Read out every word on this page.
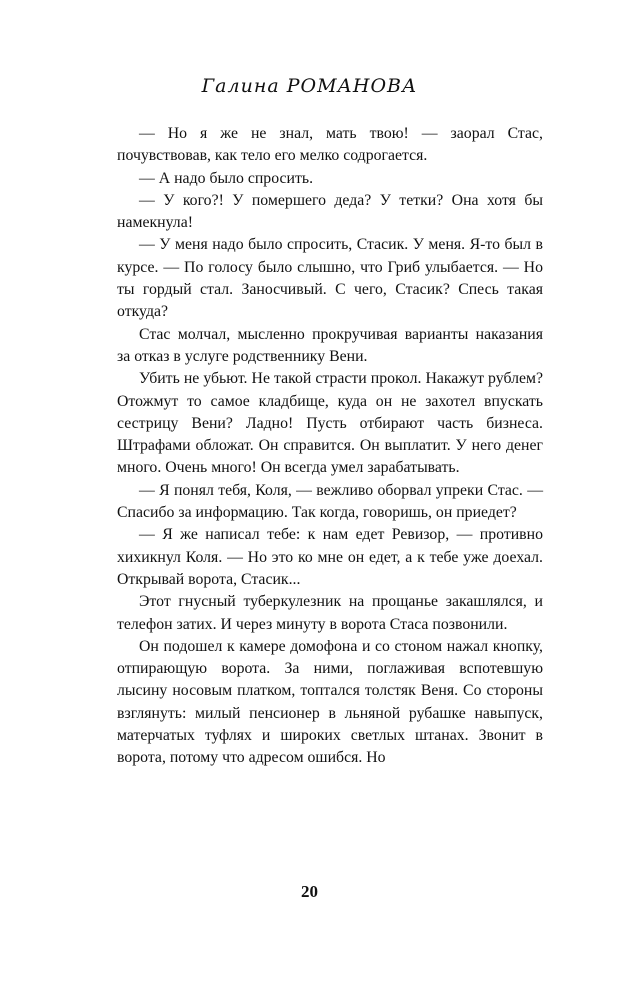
Галина РОМАНОВА

— Но я же не знал, мать твою! — заорал Стас, почувствовав, как тело его мелко содрогается.

— А надо было спросить.

— У кого?! У помершего деда? У тетки? Она хотя бы намекнула!

— У меня надо было спросить, Стасик. У меня. Я-то был в курсе. — По голосу было слышно, что Гриб улыбается. — Но ты гордый стал. Заносчивый. С чего, Стасик? Спесь такая откуда?

Стас молчал, мысленно прокручивая варианты наказания за отказ в услуге родственнику Вени.

Убить не убьют. Не такой страсти прокол. Накажут рублем? Отожмут то самое кладбище, куда он не захотел впускать сестрицу Вени? Ладно! Пусть отбирают часть бизнеса. Штрафами обложат. Он справится. Он выплатит. У него денег много. Очень много! Он всегда умел зарабатывать.

— Я понял тебя, Коля, — вежливо оборвал упреки Стас. — Спасибо за информацию. Так когда, говоришь, он приедет?

— Я же написал тебе: к нам едет Ревизор, — противно хихикнул Коля. — Но это ко мне он едет, а к тебе уже доехал. Открывай ворота, Стасик...

Этот гнусный туберкулезник на прощанье закашлялся, и телефон затих. И через минуту в ворота Стаса позвонили.

Он подошел к камере домофона и со стоном нажал кнопку, отпирающую ворота. За ними, поглаживая вспотевшую лысину носовым платком, топтался толстяк Веня. Со стороны взглянуть: милый пенсионер в льняной рубашке навыпуск, матерчатых туфлях и широких светлых штанах. Звонит в ворота, потому что адресом ошибся. Но

20
